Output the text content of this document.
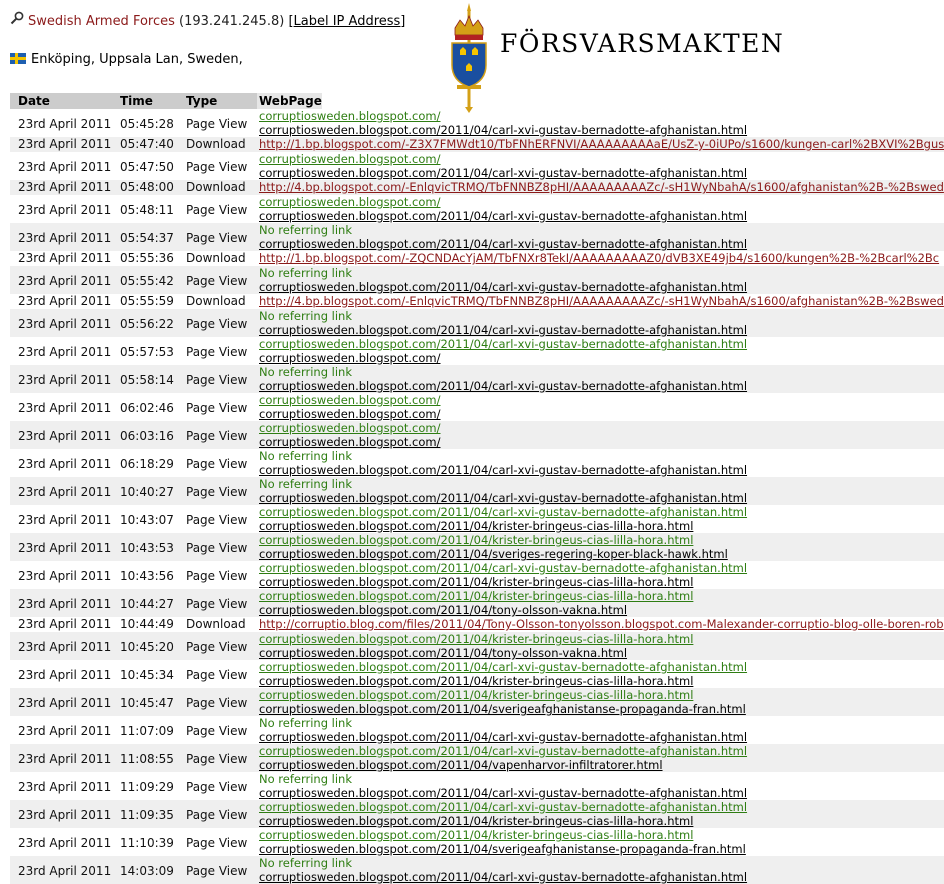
Swedish Armed Forces (193.241.245.8) [Label IP Address]
Enköping, Uppsala Lan, Sweden,
FÖRSVARSMAKTEN
Date	Time	Type	WebPage
23rd April 2011 05:45:28 Page View
corruptiosweden.blogspot.com/
corruptiosweden.blogspot.com/2011/04/carl-xvi-gustav-bernadotte-afghanistan.html
23rd April 2011 05:47:40 Download http://1.bp.blogspot.com/-Z3X7FMWdt10/TbFNhERFNVI/AAAAAAAAAaE/UsZ-y-0iUPo/s1600/kungen-carl%2BXVI%2Bgus
23rd April 2011 05:47:50 Page View
corruptiosweden.blogspot.com/
corruptiosweden.blogspot.com/2011/04/carl-xvi-gustav-bernadotte-afghanistan.html
23rd April 2011 05:48:00 Download http://4.bp.blogspot.com/-EnlqvicTRMQ/TbFNNBZ8pHI/AAAAAAAAAZc/-sH1WyNbahA/s1600/afghanistan%2B-%2Bswed
23rd April 2011 05:48:11 Page View
corruptiosweden.blogspot.com/
corruptiosweden.blogspot.com/2011/04/carl-xvi-gustav-bernadotte-afghanistan.html
23rd April 2011 05:54:37 Page View
No referring link
corruptiosweden.blogspot.com/2011/04/carl-xvi-gustav-bernadotte-afghanistan.html
23rd April 2011 05:55:36 Download http://1.bp.blogspot.com/-ZQCNDAcYjAM/TbFNXr8TekI/AAAAAAAAAZ0/dVB3XE49jb4/s1600/kungen%2B-%2Bcarl%2Bc
23rd April 2011 05:55:42 Page View
No referring link
corruptiosweden.blogspot.com/2011/04/carl-xvi-gustav-bernadotte-afghanistan.html
23rd April 2011 05:55:59 Download http://4.bp.blogspot.com/-EnlqvicTRMQ/TbFNNBZ8pHI/AAAAAAAAAZc/-sH1WyNbahA/s1600/afghanistan%2B-%2Bswed
23rd April 2011 05:56:22 Page View
No referring link
corruptiosweden.blogspot.com/2011/04/carl-xvi-gustav-bernadotte-afghanistan.html
23rd April 2011 05:57:53 Page View
corruptiosweden.blogspot.com/2011/04/carl-xvi-gustav-bernadotte-afghanistan.html
corruptiosweden.blogspot.com/
23rd April 2011 05:58:14 Page View
No referring link
corruptiosweden.blogspot.com/2011/04/carl-xvi-gustav-bernadotte-afghanistan.html
23rd April 2011 06:02:46 Page View
corruptiosweden.blogspot.com/
corruptiosweden.blogspot.com/
23rd April 2011 06:03:16 Page View
corruptiosweden.blogspot.com/
corruptiosweden.blogspot.com/
23rd April 2011 06:18:29 Page View
No referring link
corruptiosweden.blogspot.com/2011/04/carl-xvi-gustav-bernadotte-afghanistan.html
23rd April 2011 10:40:27 Page View
No referring link
corruptiosweden.blogspot.com/2011/04/carl-xvi-gustav-bernadotte-afghanistan.html
23rd April 2011 10:43:07 Page View
corruptiosweden.blogspot.com/2011/04/carl-xvi-gustav-bernadotte-afghanistan.html
corruptiosweden.blogspot.com/2011/04/krister-bringeus-cias-lilla-hora.html
23rd April 2011 10:43:53 Page View
corruptiosweden.blogspot.com/2011/04/krister-bringeus-cias-lilla-hora.html
corruptiosweden.blogspot.com/2011/04/sveriges-regering-koper-black-hawk.html
23rd April 2011 10:43:56 Page View
corruptiosweden.blogspot.com/2011/04/carl-xvi-gustav-bernadotte-afghanistan.html
corruptiosweden.blogspot.com/2011/04/krister-bringeus-cias-lilla-hora.html
23rd April 2011 10:44:27 Page View
corruptiosweden.blogspot.com/2011/04/krister-bringeus-cias-lilla-hora.html
corruptiosweden.blogspot.com/2011/04/tony-olsson-vakna.html
23rd April 2011 10:44:49 Download http://corruptio.blog.com/files/2011/04/Tony-Olsson-tonyolsson.blogspot.com-Malexander-corruptio-blog-olle-boren-rob
23rd April 2011 10:45:20 Page View
corruptiosweden.blogspot.com/2011/04/krister-bringeus-cias-lilla-hora.html
corruptiosweden.blogspot.com/2011/04/tony-olsson-vakna.html
23rd April 2011 10:45:34 Page View
corruptiosweden.blogspot.com/2011/04/carl-xvi-gustav-bernadotte-afghanistan.html
corruptiosweden.blogspot.com/2011/04/krister-bringeus-cias-lilla-hora.html
23rd April 2011 10:45:47 Page View
corruptiosweden.blogspot.com/2011/04/krister-bringeus-cias-lilla-hora.html
corruptiosweden.blogspot.com/2011/04/sverigeafghanistanse-propaganda-fran.html
23rd April 2011 11:07:09 Page View
No referring link
corruptiosweden.blogspot.com/2011/04/carl-xvi-gustav-bernadotte-afghanistan.html
23rd April 2011 11:08:55 Page View
corruptiosweden.blogspot.com/2011/04/carl-xvi-gustav-bernadotte-afghanistan.html
corruptiosweden.blogspot.com/2011/04/vapenharvor-infiltratorer.html
23rd April 2011 11:09:29 Page View
No referring link
corruptiosweden.blogspot.com/2011/04/carl-xvi-gustav-bernadotte-afghanistan.html
23rd April 2011 11:09:35 Page View
corruptiosweden.blogspot.com/2011/04/carl-xvi-gustav-bernadotte-afghanistan.html
corruptiosweden.blogspot.com/2011/04/krister-bringeus-cias-lilla-hora.html
23rd April 2011 11:10:39 Page View
corruptiosweden.blogspot.com/2011/04/krister-bringeus-cias-lilla-hora.html
corruptiosweden.blogspot.com/2011/04/sverigeafghanistanse-propaganda-fran.html
23rd April 2011 14:03:09 Page View
No referring link
corruptiosweden.blogspot.com/2011/04/carl-xvi-gustav-bernadotte-afghanistan.html
